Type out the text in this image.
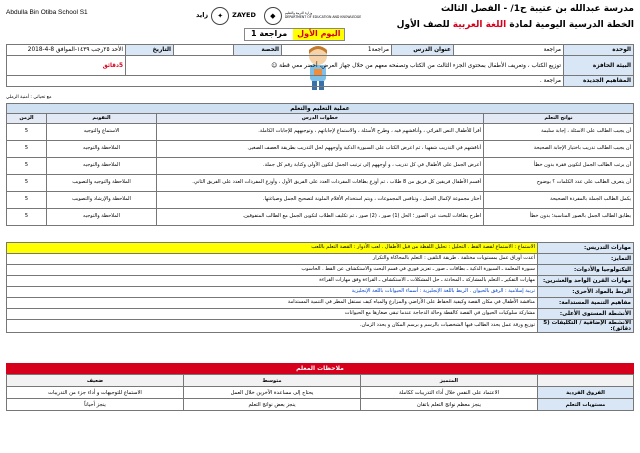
Abdulla Bin Otiba School S1	زايد	✦	ZAYED	◆	وزارة التربية والتعليم
DEPARTMENT OF EDUCATION AND KNOWLEDGE
مدرسة عبدالله بن عتيبة ح1/ - الفصل الثالث
الخطة الدرسية اليومية لمادة اللغة العربية للصف الأول
اليوم الأول
مراجعة 1
الوحدة	مراجعة	عنوان الدرس	مراجعة1	الحصة		التاريخ	الأحد ٢٥رجب ١٤٣٩-الموافق 8-4-2018
البيئة الحافزة	توزيع الكتاب ، وتعريف الأطفال بمحتوى الجزء الثالث من الكتاب وتصفحه معهم من خلال جهاز العرض. أحضر معي قطة ☺						5دقائق
المفاهيم الجديدة	مراجعة .						
مع تحياتي : أمنية الرملي
عملية التعليم والتعلم
نواتج التعلم	خطوات الدرس	التقويم	الزمن
أن يجيب الطالب على الاسئلة ، إجابة سليمة	أقرأ للأطفال النص القرائي ، وأناقشهم فيه ، وطرح الأسئلة ، والاستماع لإجاباتهم ، وتوجيههم للإجابات الكاملة.	الاستماع والتوجيه	5
أن يجيب الطالب تدريب باختيار الإجابة الصحيحة	أناقشهم في التدريب شفهيا ، ثم اعرض الكتاب على السبورة الذكية وأوجههم لحل التدريب بطريقة العصف الصغير.	الملاحظة والتوجيه	5
أن يرتب الطالب الجمل لتكوين فقرة بدون خطأ	أعرض الجمل على الأطفال في كل تدريب ، و أوجههم إلى ترتيب الجمل لتكون الأولى وكتابة رقم كل جملة.	الملاحظة والتوجيه	5
أن يتعرف الطالب على عدد الكلمات ؟ بوضوح	أقسم الأطفال فريقين كل فريق من 8 طلاب ، ثم أوزع بطاقات المفردات العدد على الفريق الأول ، وأوزع المفردات العدد على الفريق الثاني.	الملاحظة والتوجيه والتصويب	5
يكمل الطالب الجملة بالمفردة الصحيحة	أختار مجموعة لإكمال الجمل ، وتنافس المجموعات ، ويتم استخدام الأقلام الملونة لتصحيح الجمل وصياغتها.	الملاحظة والإرشاد والتصويب	5
يطابق الطالب الجمل بالصور المناسبة؛ بدون خطأ	اطرح بطاقات للبحث عن الصور ؛ الحل (1) صور ، (2) صور ، ثم تكليف الطلاب لتكوين الجمل مع الطالب المتفوقين.	الملاحظة والتوجيه	5
مهارات التدريس:	الاستماع : الاستماع لقصة القط . التحليل : تحليل اللفظة من قبل الأطفال . لعب الأدوار : القصة التعلم باللعب
التمايز:	أعدت أوراق عمل بمستويات مختلفة . طريقة التلقين : التعلم بالمحاكاة والتكرار
التكنولوجيا والأدوات:	سبورة المعلمة ـ السبورة الذكية ـ بطاقات ـ صور ـ تعزيز فوري في قسم البحث والاستكشاف عن القط . الحاسوب
مهارات القرن الواحد والعشرين:	مهارات التفكير ـ التعلم بالمشاركة ـ المحادثة ـ حل المشكلات ـ الاستكشاف ـ القراءة وفق مهارات القراءة
الربط بالمواد الأخرى:	تربية إسلامية : الرفق بالحيوان . الربط باللغة الإنجليزية : أسماء الحيوانات باللغة الإنجليزية
مفاهيم التنمية المستدامة:	مناقشة الأطفال في مكان القصة وكيفية الحفاظ على الأراضي والمزارع والمياه كيف نستقل المطر في التنمية المستدامة
الأنشطة المستوى الأعلى:	مشاركة سلوكيات الحيوان في القصة كالقطة وحالة الدجاجة عندما تبقى صغارها مع الحيوانات
الأنشطة الإضافية / التكليفات (5 دقائق):	توزيع ورقة عمل يحدد الطالب فيها الشخصيات بالرسم و برسم المكان و يحدد الزمان.
ملاحظات المعلم
	المتميز	متوسط	ضعيف
الفروق الفردية	الاعتماد على النفس خلال أداء التدريبات ككاملة	يحتاج إلى مساعدة الآخرين خلال العمل	الاستماع للتوجيهات و أداء جزء من التدريبات
مستويات التعلم	ينجز معظم نواتج التعلم باتقان	ينجز بعض نواتج التعلم	ينجز أحياناً
